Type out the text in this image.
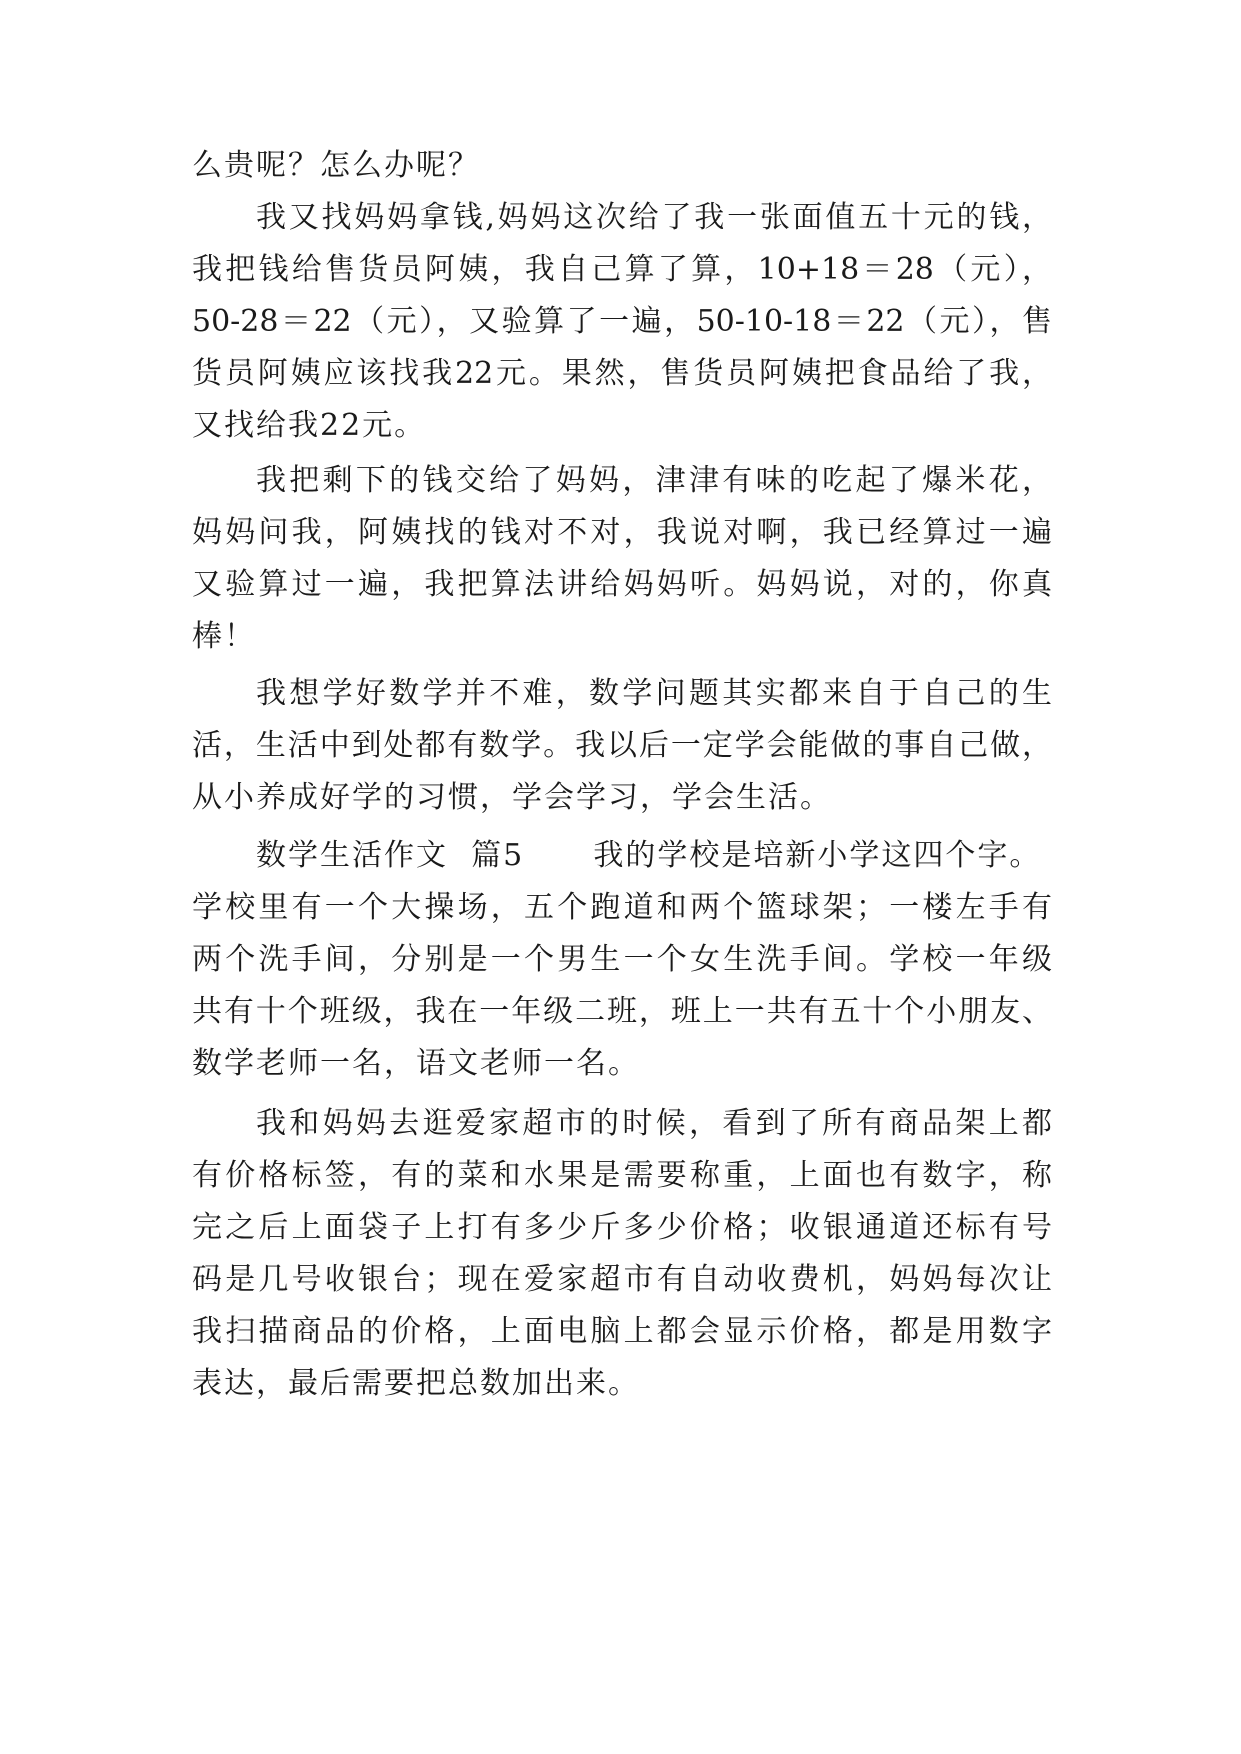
么贵呢？怎么办呢？
我又找妈妈拿钱,妈妈这次给了我一张面值五十元的钱，
我把钱给售货员阿姨，我自己算了算，10+18＝28（元），
50-28＝22（元），又验算了一遍，50-10-18＝22（元），售
货员阿姨应该找我22元。果然，售货员阿姨把食品给了我，
又找给我22元。
我把剩下的钱交给了妈妈，津津有味的吃起了爆米花，
妈妈问我，阿姨找的钱对不对，我说对啊，我已经算过一遍
又验算过一遍，我把算法讲给妈妈听。妈妈说，对的，你真
棒！
我想学好数学并不难，数学问题其实都来自于自己的生
活，生活中到处都有数学。我以后一定学会能做的事自己做，
从小养成好学的习惯，学会学习，学会生活。
数学生活作文  篇5      我的学校是培新小学这四个字。
学校里有一个大操场，五个跑道和两个篮球架；一楼左手有
两个洗手间，分别是一个男生一个女生洗手间。学校一年级
共有十个班级，我在一年级二班，班上一共有五十个小朋友、
数学老师一名，语文老师一名。
我和妈妈去逛爱家超市的时候，看到了所有商品架上都
有价格标签，有的菜和水果是需要称重，上面也有数字，称
完之后上面袋子上打有多少斤多少价格；收银通道还标有号
码是几号收银台；现在爱家超市有自动收费机，妈妈每次让
我扫描商品的价格，上面电脑上都会显示价格，都是用数字
表达，最后需要把总数加出来。
